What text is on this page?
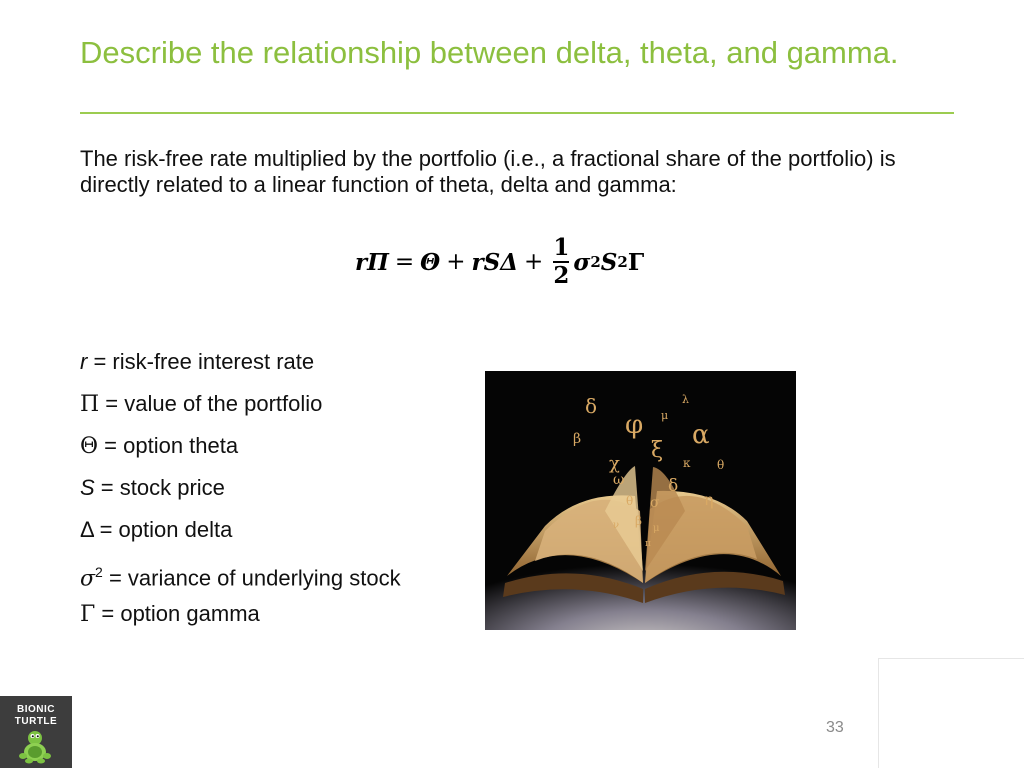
Describe the relationship between delta, theta, and gamma.
The risk-free rate multiplied by the portfolio (i.e., a fractional share of the portfolio) is directly related to a linear function of theta, delta and gamma:
$r\Pi = \Theta + rS\Delta + \frac{1}{2}$ σ 2 S 2 Γ
r = risk-free interest rate
Π = value of the portfolio
Θ = option theta
S = stock price
Δ = option delta
$\sigma^2$ = variance of underlying stock
Γ = option gamma
δ	λ
β φ μ
α
χ
ξ κ θ
ω	δ
η
θ σ
ν β
μ
π
33
BIONIC
TURTLE
